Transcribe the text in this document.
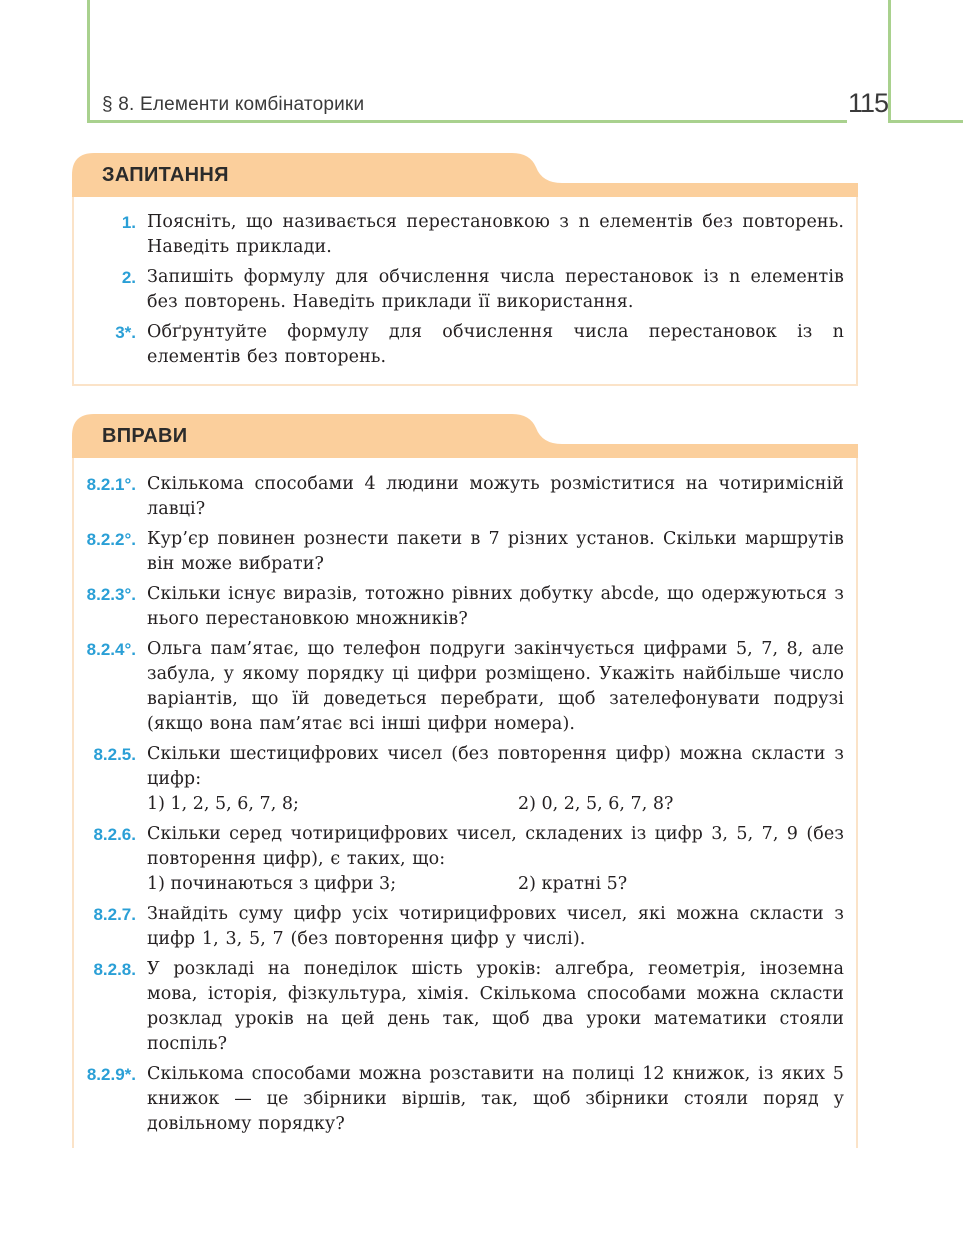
§ 8. Елементи комбінаторики	115
ЗАПИТАННЯ
1. Поясніть, що називається перестановкою з n елементів без повторень. Наведіть приклади.
2. Запишіть формулу для обчислення числа перестановок із n елементів без повторень. Наведіть приклади її використання.
3*. Обґрунтуйте формулу для обчислення числа перестановок із n елементів без повторень.
ВПРАВИ
8.2.1°. Скількома способами 4 людини можуть розміститися на чотиримісній лавці?
8.2.2°. Кур’єр повинен рознести пакети в 7 різних установ. Скільки маршрутів він може вибрати?
8.2.3°. Скільки існує виразів, тотожно рівних добутку abcde, що одержуються з нього перестановкою множників?
8.2.4°. Ольга пам’ятає, що телефон подруги закінчується цифрами 5, 7, 8, але забула, у якому порядку ці цифри розміщено. Укажіть найбільше число варіантів, що їй доведеться перебрати, щоб зателефонувати подрузі (якщо вона пам’ятає всі інші цифри номера).
8.2.5. Скільки шестицифрових чисел (без повторення цифр) можна скласти з цифр:
1) 1, 2, 5, 6, 7, 8;	2) 0, 2, 5, 6, 7, 8?
8.2.6. Скільки серед чотирицифрових чисел, складених із цифр 3, 5, 7, 9 (без повторення цифр), є таких, що:
1) починаються з цифри 3;	2) кратні 5?
8.2.7. Знайдіть суму цифр усіх чотирицифрових чисел, які можна скласти з цифр 1, 3, 5, 7 (без повторення цифр у числі).
8.2.8. У розкладі на понеділок шість уроків: алгебра, геометрія, іноземна мова, історія, фізкультура, хімія. Скількома способами можна скласти розклад уроків на цей день так, щоб два уроки математики стояли поспіль?
8.2.9*. Скількома способами можна розставити на полиці 12 книжок, із яких 5 книжок — це збірники віршів, так, щоб збірники стояли поряд у довільному порядку?
